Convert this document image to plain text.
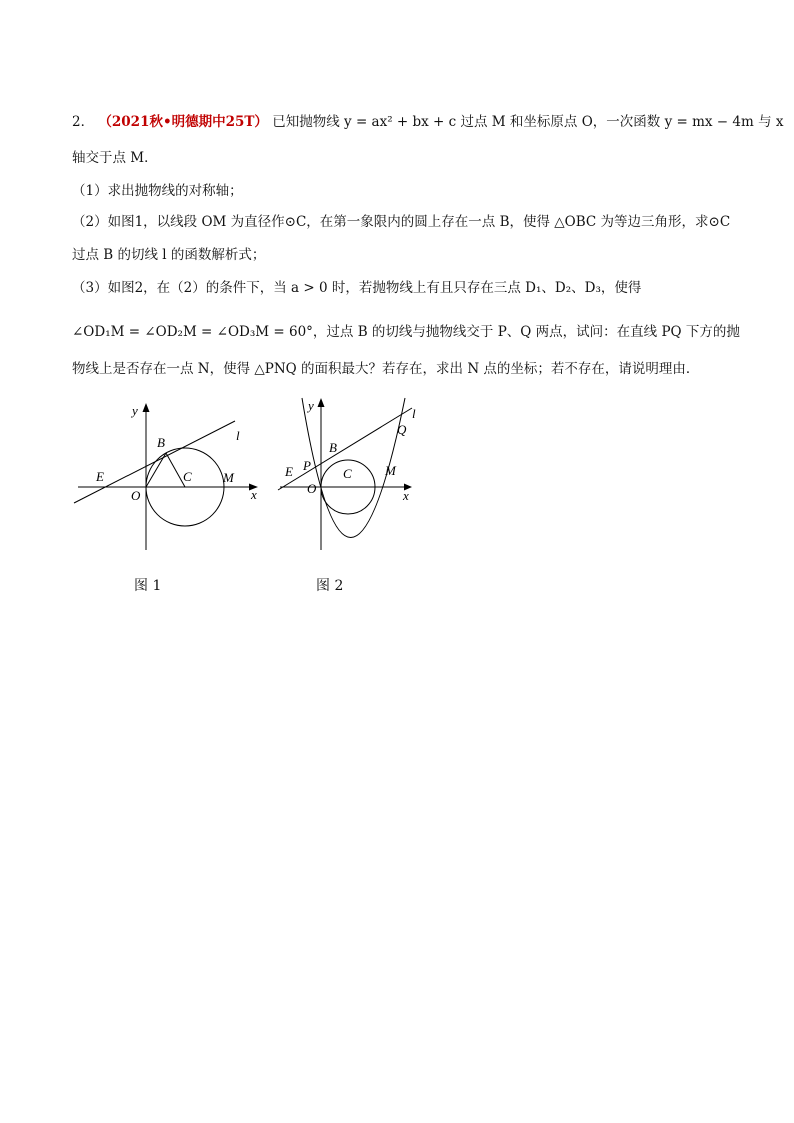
2． （2021秋•明德期中25T） 已知抛物线 y = ax² + bx + c 过点 M 和坐标原点 O，一次函数 y = mx − 4m 与 x
轴交于点 M．
（1）求出抛物线的对称轴；
（2）如图1，以线段 OM 为直径作⊙C，在第一象限内的圆上存在一点 B，使得 △OBC 为等边三角形，求⊙C
过点 B 的切线 l 的函数解析式；
（3）如图2，在（2）的条件下，当 a > 0 时，若抛物线上有且只存在三点 D₁、D₂、D₃，使得
∠OD₁M = ∠OD₂M = ∠OD₃M = 60°，过点 B 的切线与抛物线交于 P、Q 两点，试问：在直线 PQ 下方的抛
物线上是否存在一点 N，使得 △PNQ 的面积最大？若存在，求出 N 点的坐标；若不存在，请说明理由．
y
x
l
B
E
O
C M
图 1
y
x
l
B
E P
O
C	M
Q
图 2
